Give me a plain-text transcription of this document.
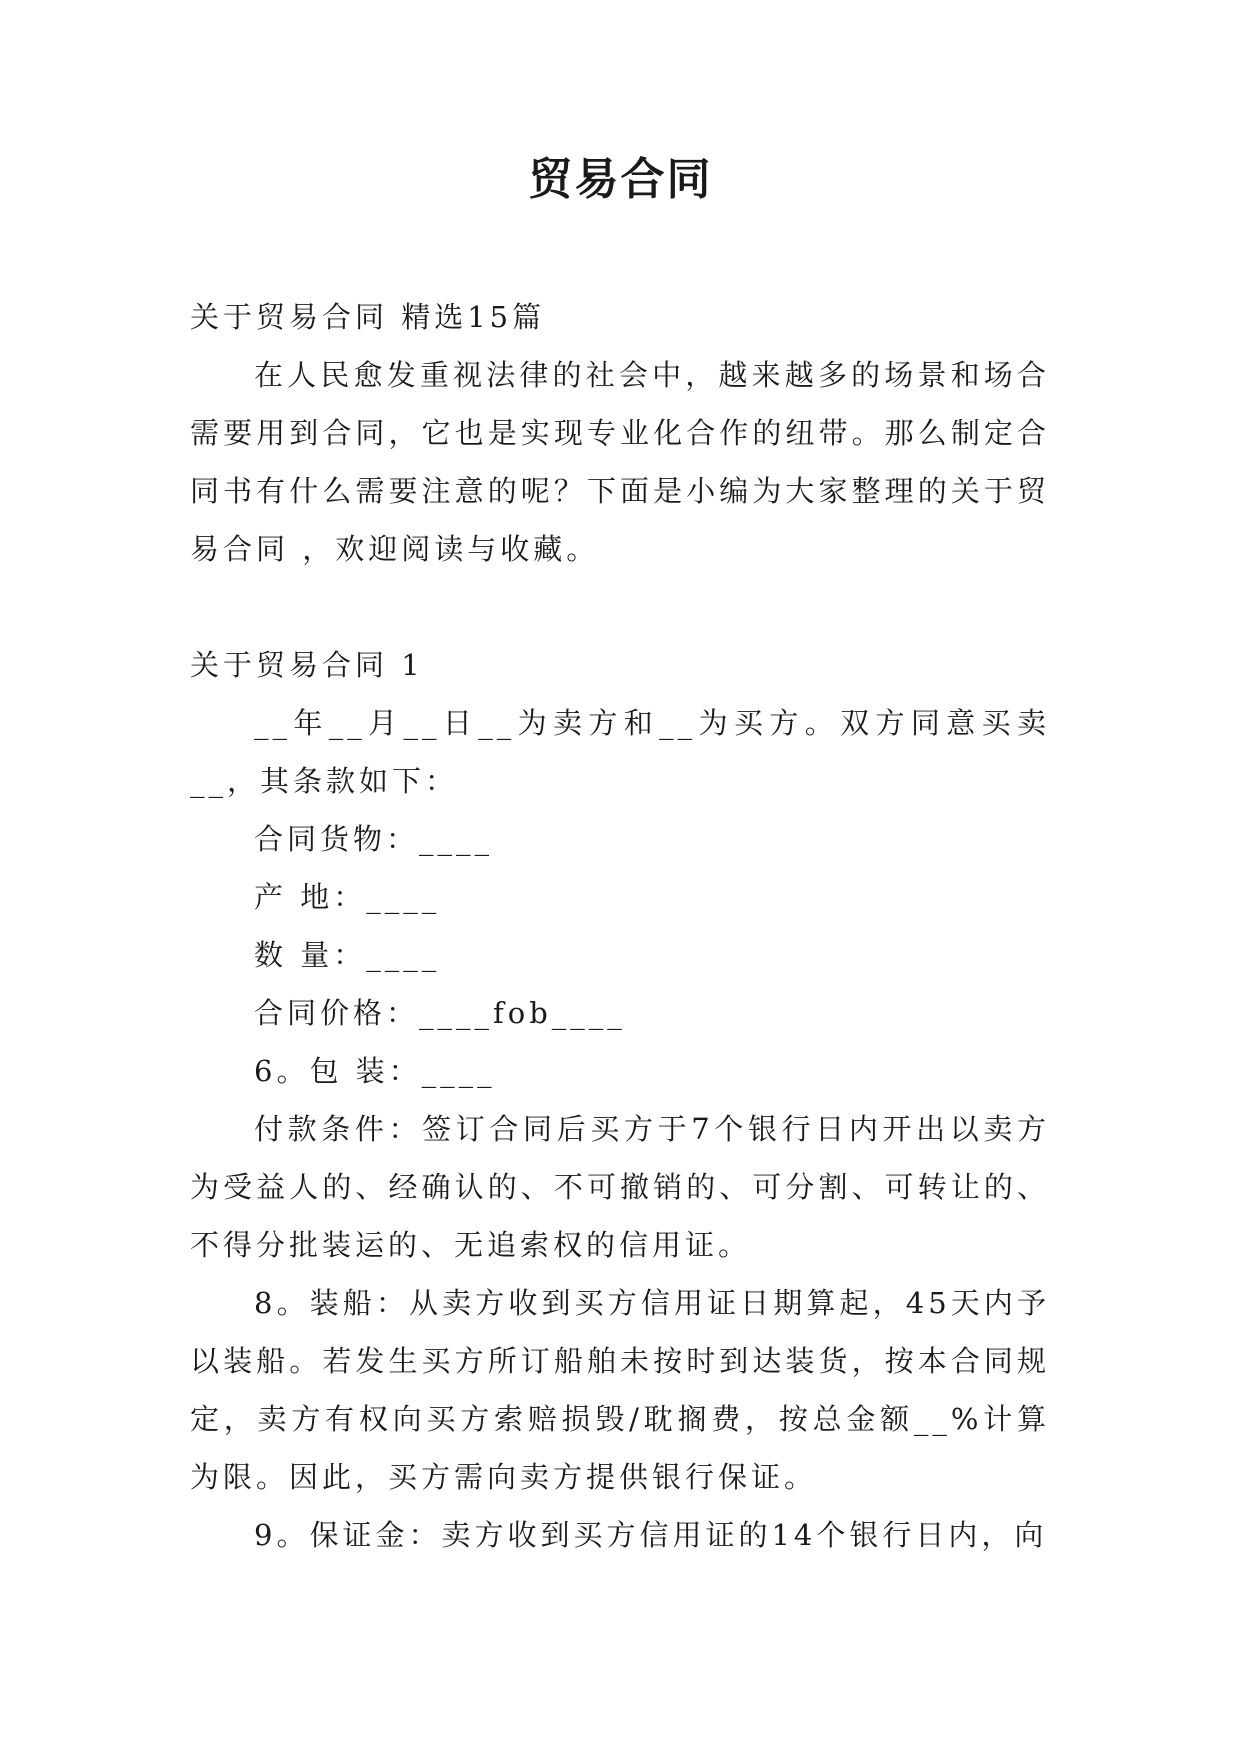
贸易合同

关于贸易合同 精选15篇

在人民愈发重视法律的社会中，越来越多的场景和场合需要用到合同，它也是实现专业化合作的纽带。那么制定合同书有什么需要注意的呢？下面是小编为大家整理的关于贸易合同 ，欢迎阅读与收藏。

关于贸易合同 1

__年__月__日__为卖方和__为买方。双方同意买卖__，其条款如下：

合同货物：____

产 地：____

数 量：____

合同价格：____fob____

6。包 装：____

付款条件：签订合同后买方于7个银行日内开出以卖方为受益人的、经确认的、不可撤销的、可分割、可转让的、不得分批装运的、无追索权的信用证。

8。装船：从卖方收到买方信用证日期算起，45天内予以装船。若发生买方所订船舶未按时到达装货，按本合同规定，卖方有权向买方索赔损毁/耽搁费，按总金额__%计算为限。因此，买方需向卖方提供银行保证。

9。保证金：卖方收到买方信用证的14个银行日内，向
